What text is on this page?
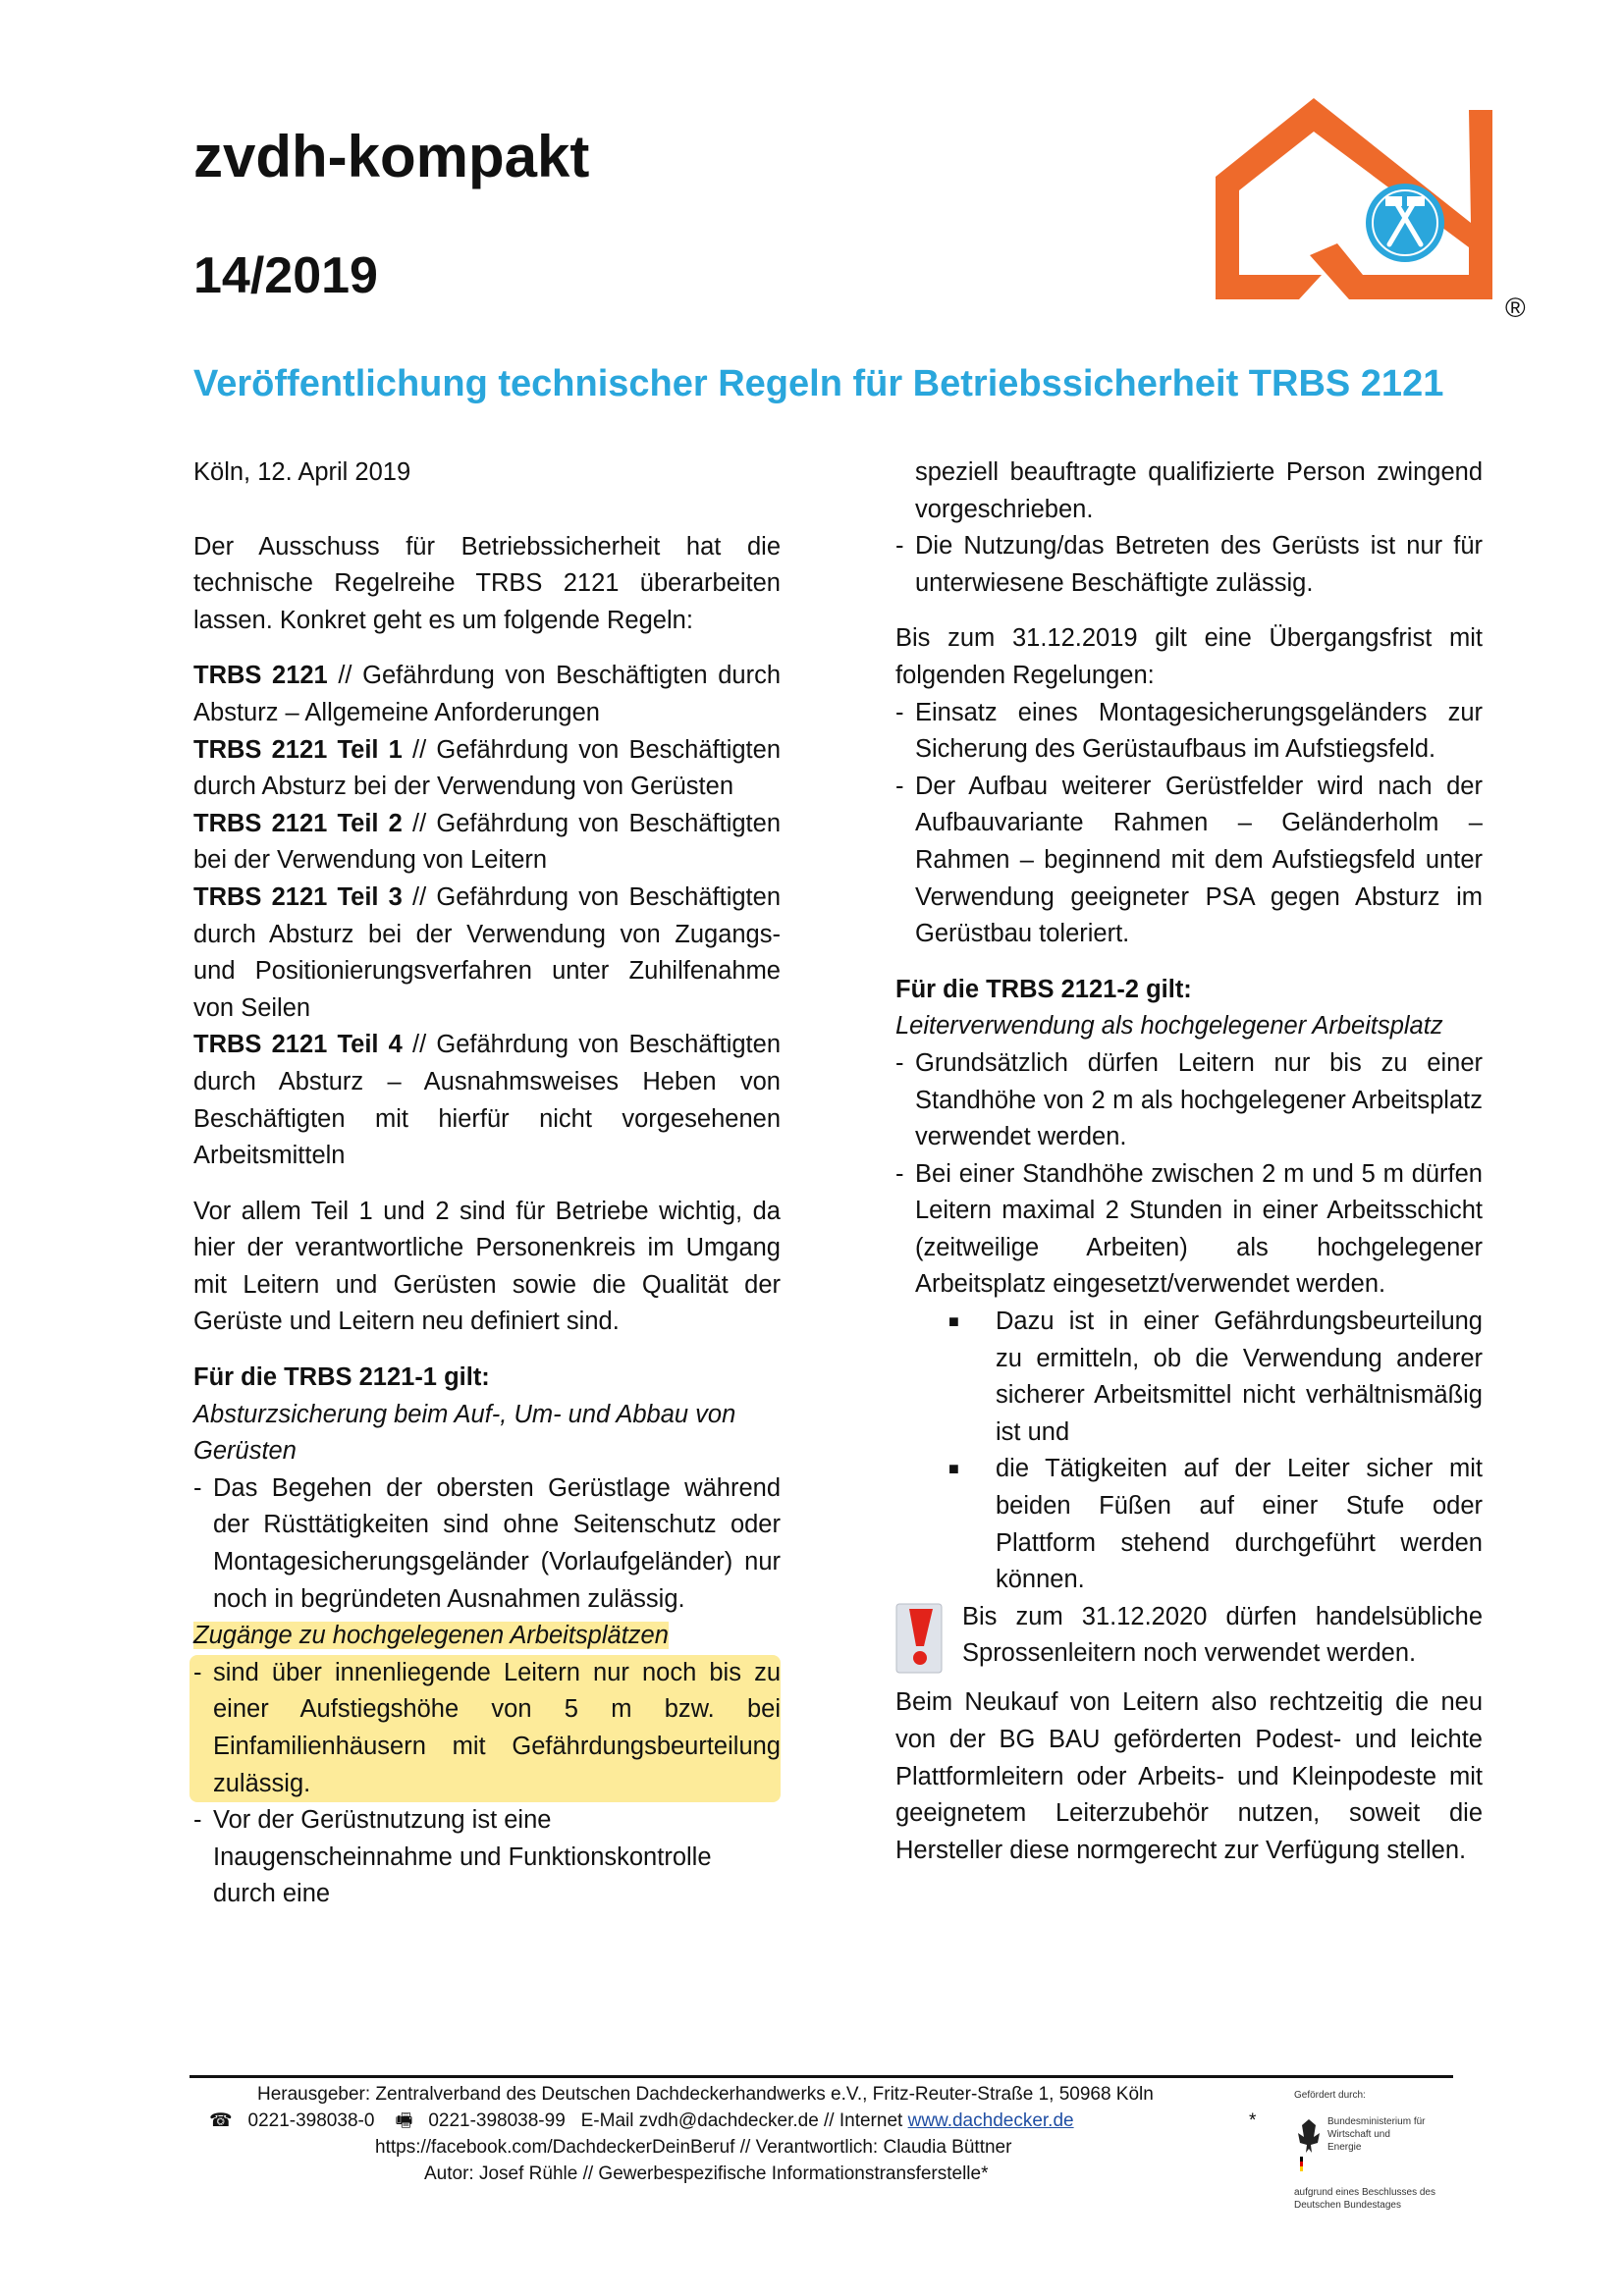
zvdh-kompakt
14/2019
®
Veröffentlichung technischer Regeln für Betriebssicherheit TRBS 2121

Köln, 12. April 2019

Der Ausschuss für Betriebssicherheit hat die technische Regelreihe TRBS 2121 überarbeiten lassen. Konkret geht es um folgende Regeln:

TRBS 2121 // Gefährdung von Beschäftigten durch Absturz – Allgemeine Anforderungen

TRBS 2121 Teil 1 // Gefährdung von Beschäftigten durch Absturz bei der Verwendung von Gerüsten

TRBS 2121 Teil 2 // Gefährdung von Beschäftigten bei der Verwendung von Leitern

TRBS 2121 Teil 3 // Gefährdung von Beschäftigten durch Absturz bei der Verwendung von Zugangs- und Positionierungsverfahren unter Zuhilfenahme von Seilen

TRBS 2121 Teil 4 // Gefährdung von Beschäftigten durch Absturz – Ausnahmsweises Heben von Beschäftigten mit hierfür nicht vorgesehenen Arbeitsmitteln

Vor allem Teil 1 und 2 sind für Betriebe wichtig, da hier der verantwortliche Personenkreis im Umgang mit Leitern und Gerüsten sowie die Qualität der Gerüste und Leitern neu definiert sind.

Für die TRBS 2121-1 gilt:

Absturzsicherung beim Auf-, Um- und Abbau von Gerüsten

- Das Begehen der obersten Gerüstlage während der Rüsttätigkeiten sind ohne Seitenschutz oder Montagesicherungsgeländer (Vorlaufgeländer) nur noch in begründeten Ausnahmen zulässig.

Zugänge zu hochgelegenen Arbeitsplätzen

- sind über innenliegende Leitern nur noch bis zu einer Aufstiegshöhe von 5 m bzw. bei Einfamilienhäusern mit Gefährdungsbeurteilung zulässig.
- Vor der Gerüstnutzung ist eine Inaugenscheinnahme und Funktionskontrolle durch eine
speziell beauftragte qualifizierte Person zwingend vorgeschrieben.
- Die Nutzung/das Betreten des Gerüsts ist nur für unterwiesene Beschäftigte zulässig.

Bis zum 31.12.2019 gilt eine Übergangsfrist mit folgenden Regelungen:

- Einsatz eines Montagesicherungsgeländers zur Sicherung des Gerüstaufbaus im Aufstiegsfeld.
- Der Aufbau weiterer Gerüstfelder wird nach der Aufbauvariante Rahmen – Geländerholm – Rahmen – beginnend mit dem Aufstiegsfeld unter Verwendung geeigneter PSA gegen Absturz im Gerüstbau toleriert.

Für die TRBS 2121-2 gilt:

Leiterverwendung als hochgelegener Arbeitsplatz

- Grundsätzlich dürfen Leitern nur bis zu einer Standhöhe von 2 m als hochgelegener Arbeitsplatz verwendet werden.
- Bei einer Standhöhe zwischen 2 m und 5 m dürfen Leitern maximal 2 Stunden in einer Arbeitsschicht (zeitweilige Arbeiten) als hochgelegener Arbeitsplatz eingesetzt/verwendet werden.
■	Dazu ist in einer Gefährdungsbeurteilung zu ermitteln, ob die Verwendung anderer sicherer Arbeitsmittel nicht verhältnismäßig ist und
■	die Tätigkeiten auf der Leiter sicher mit beiden Füßen auf einer Stufe oder Plattform stehend durchgeführt werden können.

Bis zum 31.12.2020 dürfen handelsübliche Sprossenleitern noch verwendet werden.

Beim Neukauf von Leitern also rechtzeitig die neu von der BG BAU geförderten Podest- und leichte Plattformleitern oder Arbeits- und Kleinpodeste mit geeignetem Leiterzubehör nutzen, soweit die Hersteller diese normgerecht zur Verfügung stellen.

Herausgeber: Zentralverband des Deutschen Dachdeckerhandwerks e.V., Fritz-Reuter-Straße 1, 50968 Köln
☎ 0221-398038-0 🖷 0221-398038-99 E-Mail zvdh@dachdecker.de // Internet www.dachdecker.de	*
https://facebook.com/DachdeckerDeinBeruf // Verantwortlich: Claudia Büttner
Autor: Josef Rühle // Gewerbespezifische Informationstransferstelle*
Gefördert durch:
Bundesministerium für Wirtschaft und Energie
aufgrund eines Beschlusses des Deutschen Bundestages
